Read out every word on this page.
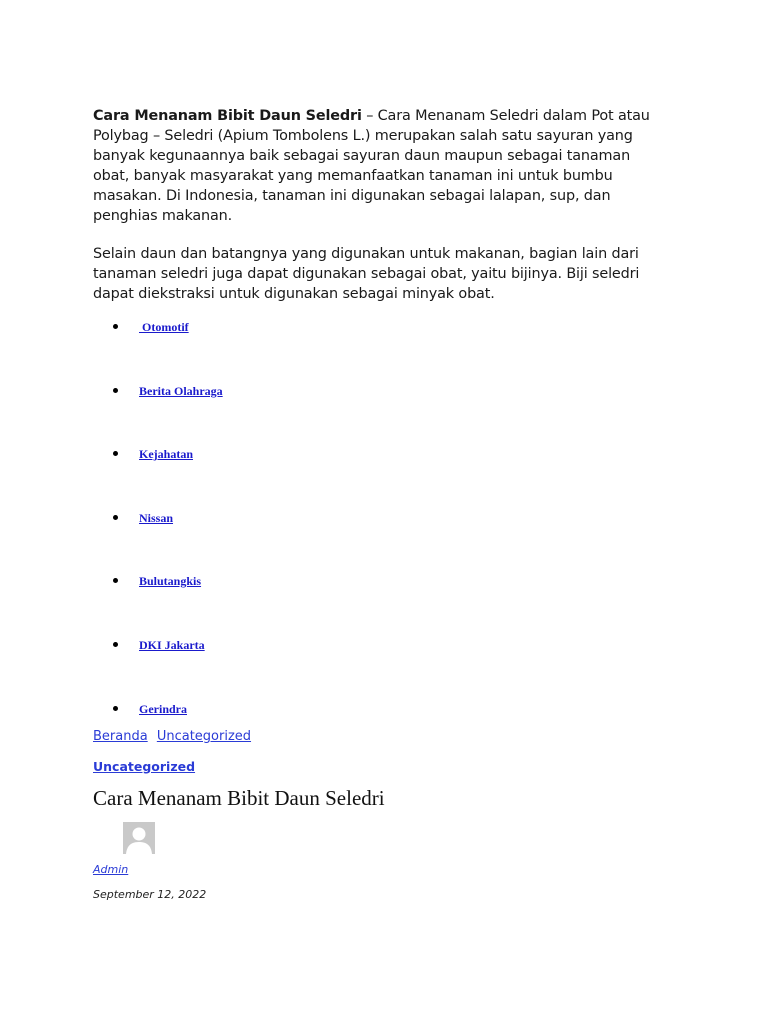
Cara Menanam Bibit Daun Seledri – Cara Menanam Seledri dalam Pot atau Polybag – Seledri (Apium Tombolens L.) merupakan salah satu sayuran yang banyak kegunaannya baik sebagai sayuran daun maupun sebagai tanaman obat, banyak masyarakat yang memanfaatkan tanaman ini untuk bumbu masakan. Di Indonesia, tanaman ini digunakan sebagai lalapan, sup, dan penghias makanan.

Selain daun dan batangnya yang digunakan untuk makanan, bagian lain dari tanaman seledri juga dapat digunakan sebagai obat, yaitu bijinya. Biji seledri dapat diekstraksi untuk digunakan sebagai minyak obat.

Otomotif
Berita Olahraga
Kejahatan
Nissan
Bulutangkis
DKI Jakarta
Gerindra
Beranda Uncategorized
Uncategorized
Cara Menanam Bibit Daun Seledri
Admin
September 12, 2022
